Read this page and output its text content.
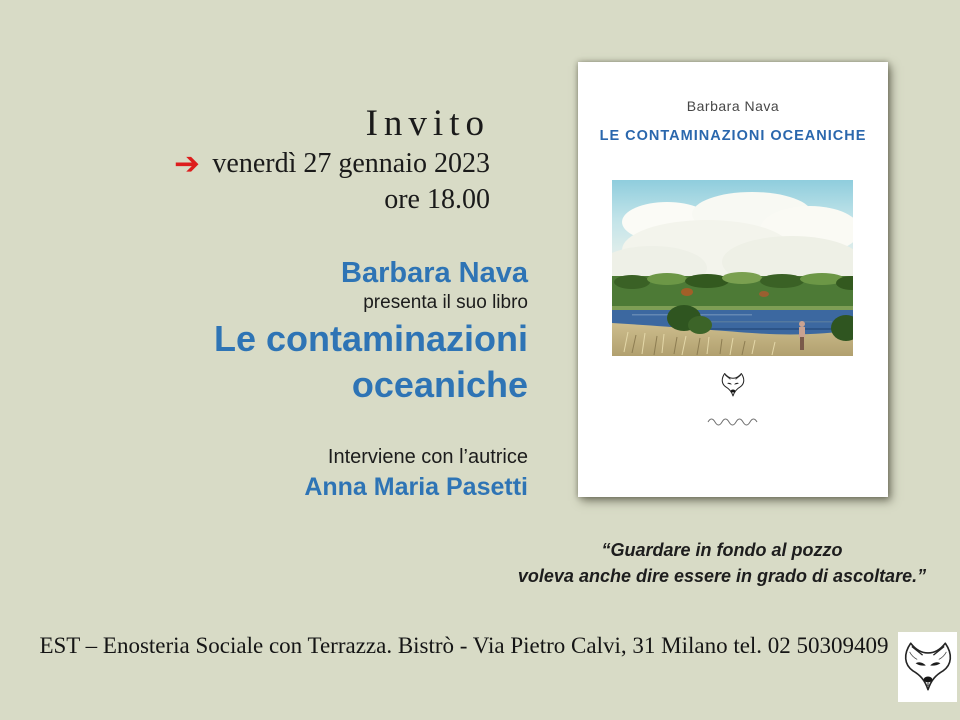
Invito
venerdì 27 gennaio 2023
ore 18.00
➔
Barbara Nava
presenta il suo libro
Le contaminazioni
oceaniche
Interviene con l’autrice
Anna Maria Pasetti
Barbara Nava
LE CONTAMINAZIONI OCEANICHE
“Guardare in fondo al pozzo
voleva anche dire essere in grado di ascoltare.”
EST – Enosteria Sociale con Terrazza. Bistrò - Via Pietro Calvi, 31 Milano tel. 02 50309409
